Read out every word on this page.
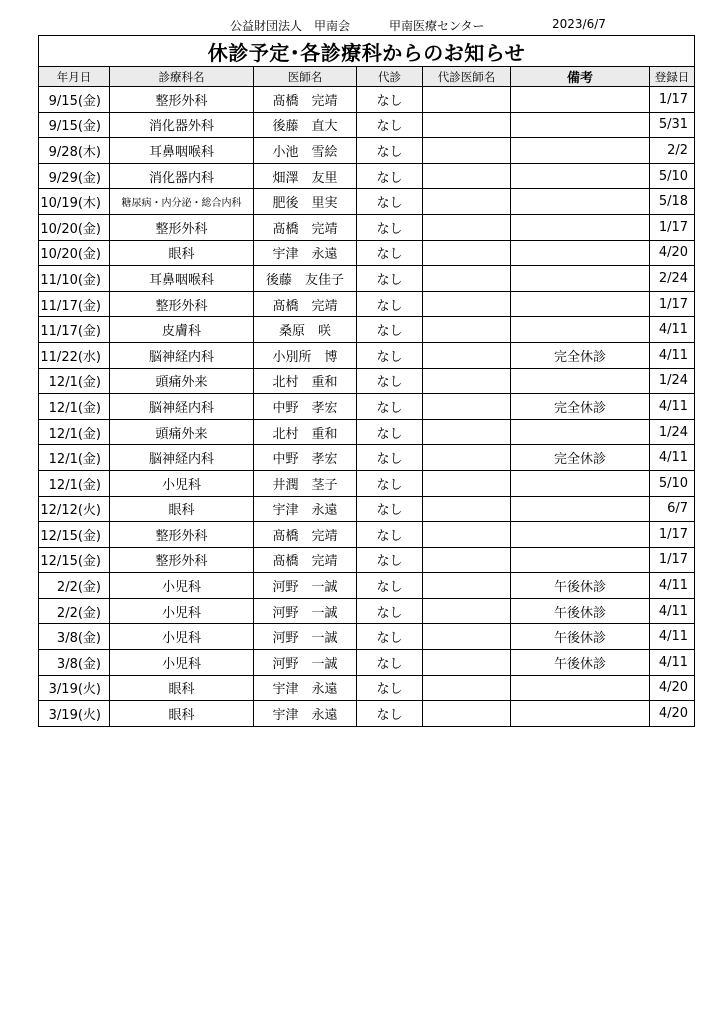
公益財団法人　甲南会	甲南医療センター	2023/6/7
休診予定･各診療科からのお知らせ						
年月日	診療科名	医師名	代診	代診医師名	備考	登録日
9/15(金)	整形外科	髙橋　完靖	なし			1/17
9/15(金)	消化器外科	後藤　直大	なし			5/31
9/28(木)	耳鼻咽喉科	小池　雪絵	なし			2/2
9/29(金)	消化器内科	畑澤　友里	なし			5/10
10/19(木)	糖尿病・内分泌・総合内科	肥後　里実	なし			5/18
10/20(金)	整形外科	髙橋　完靖	なし			1/17
10/20(金)	眼科	宇津　永遠	なし			4/20
11/10(金)	耳鼻咽喉科	後藤　友佳子	なし			2/24
11/17(金)	整形外科	髙橋　完靖	なし			1/17
11/17(金)	皮膚科	桑原　咲	なし			4/11
11/22(水)	脳神経内科	小別所　博	なし		完全休診	4/11
12/1(金)	頭痛外来	北村　重和	なし			1/24
12/1(金)	脳神経内科	中野　孝宏	なし		完全休診	4/11
12/1(金)	頭痛外来	北村　重和	なし			1/24
12/1(金)	脳神経内科	中野　孝宏	なし		完全休診	4/11
12/1(金)	小児科	井潤　茎子	なし			5/10
12/12(火)	眼科	宇津　永遠	なし			6/7
12/15(金)	整形外科	髙橋　完靖	なし			1/17
12/15(金)	整形外科	髙橋　完靖	なし			1/17
2/2(金)	小児科	河野　一誠	なし		午後休診	4/11
2/2(金)	小児科	河野　一誠	なし		午後休診	4/11
3/8(金)	小児科	河野　一誠	なし		午後休診	4/11
3/8(金)	小児科	河野　一誠	なし		午後休診	4/11
3/19(火)	眼科	宇津　永遠	なし			4/20
3/19(火)	眼科	宇津　永遠	なし			4/20
